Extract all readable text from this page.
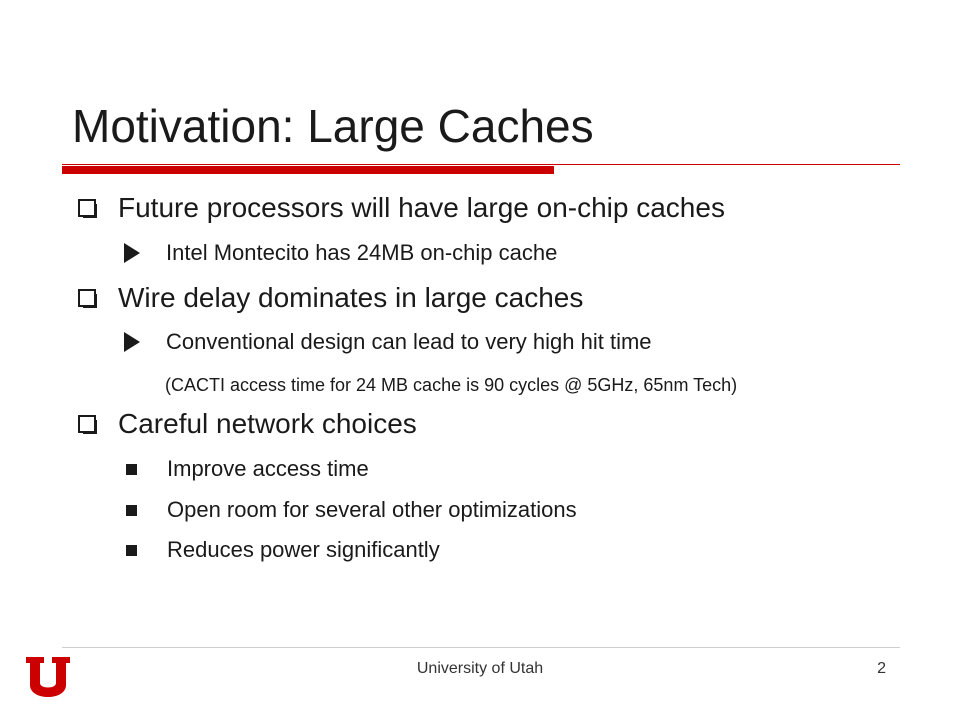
Motivation: Large Caches
Future processors will have large on-chip caches
Intel Montecito has 24MB on-chip cache
Wire delay dominates in large caches
Conventional design can lead to very high hit time
(CACTI access time for 24 MB cache is 90 cycles @ 5GHz, 65nm Tech)
Careful network choices
Improve access time
Open room for several other optimizations
Reduces power significantly
University of Utah	2
